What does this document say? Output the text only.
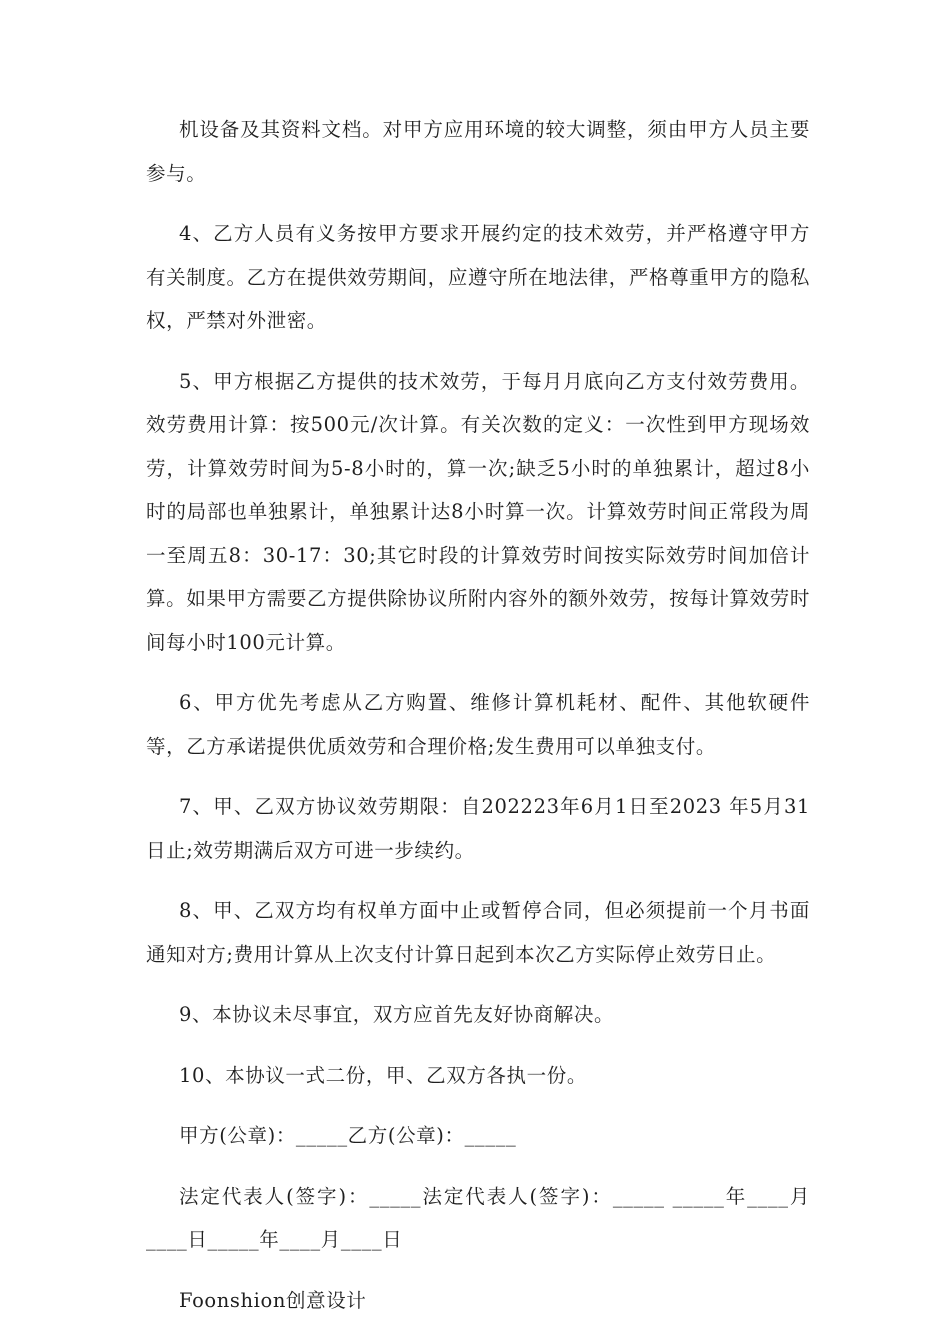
机设备及其资料文档。对甲方应用环境的较大调整，须由甲方人员主要参与。

4、乙方人员有义务按甲方要求开展约定的技术效劳，并严格遵守甲方有关制度。乙方在提供效劳期间，应遵守所在地法律，严格尊重甲方的隐私权，严禁对外泄密。

5、甲方根据乙方提供的技术效劳，于每月月底向乙方支付效劳费用。效劳费用计算：按500元/次计算。有关次数的定义：一次性到甲方现场效劳，计算效劳时间为5-8小时的，算一次;缺乏5小时的单独累计，超过8小时的局部也单独累计，单独累计达8小时算一次。计算效劳时间正常段为周一至周五8：30-17：30;其它时段的计算效劳时间按实际效劳时间加倍计算。如果甲方需要乙方提供除协议所附内容外的额外效劳，按每计算效劳时间每小时100元计算。

6、甲方优先考虑从乙方购置、维修计算机耗材、配件、其他软硬件等，乙方承诺提供优质效劳和合理价格;发生费用可以单独支付。

7、甲、乙双方协议效劳期限：自202223年6月1日至2023 年5月31日止;效劳期满后双方可进一步续约。

8、甲、乙双方均有权单方面中止或暂停合同，但必须提前一个月书面通知对方;费用计算从上次支付计算日起到本次乙方实际停止效劳日止。

9、本协议未尽事宜，双方应首先友好协商解决。

10、本协议一式二份，甲、乙双方各执一份。

甲方(公章)：_____乙方(公章)：_____

法定代表人(签字)：_____法定代表人(签字)：_____ _____年____月____日_____年____月____日

Foonshion创意设计
